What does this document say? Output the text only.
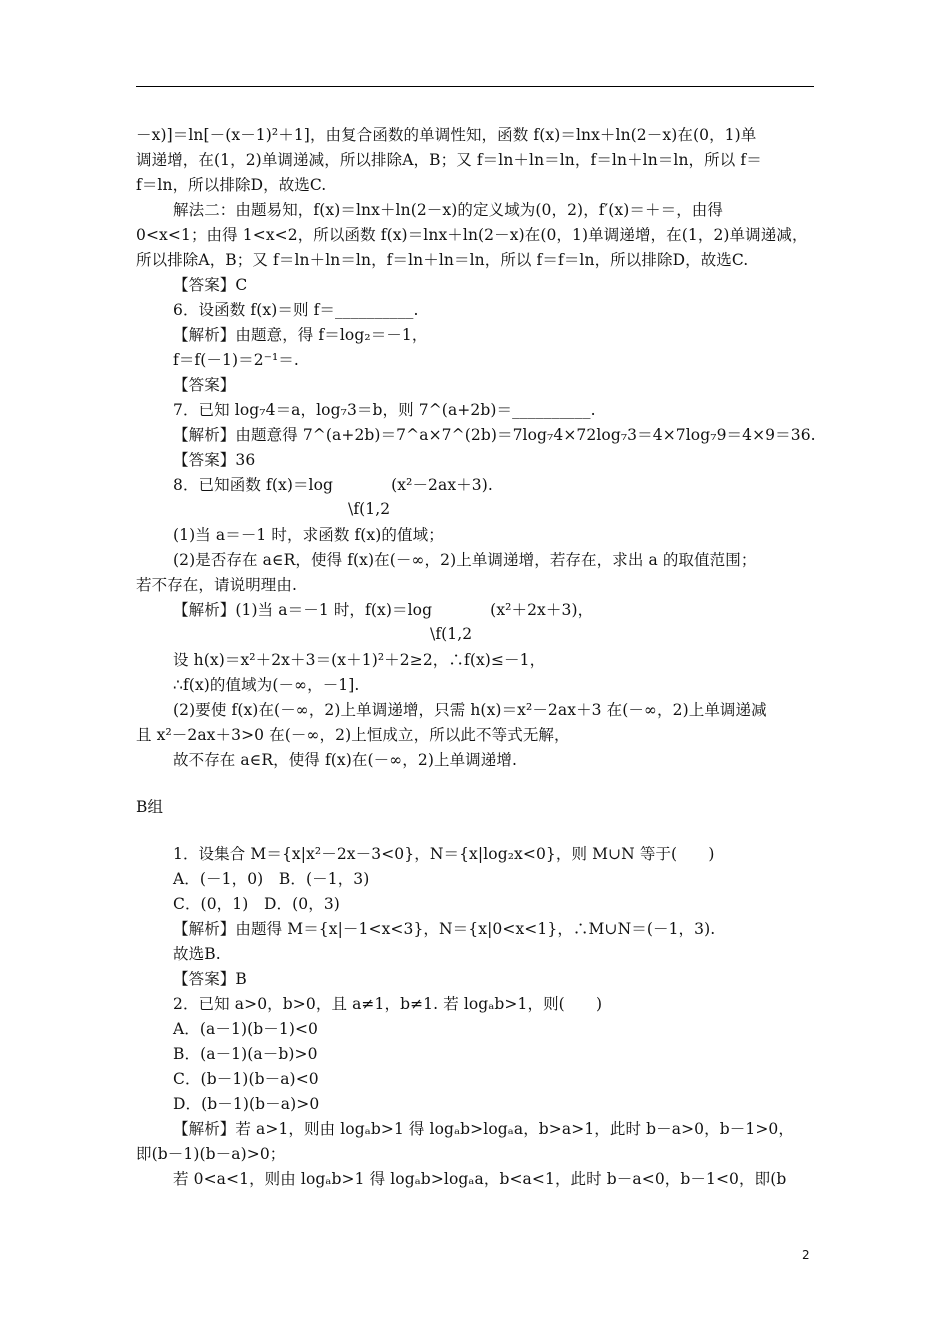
－x)]＝ln[－(x－1)²＋1]，由复合函数的单调性知，函数 f(x)＝lnx＋ln(2－x)在(0，1)单
调递增，在(1，2)单调递减，所以排除A，B；又 f＝ln＋ln＝ln，f＝ln＋ln＝ln，所以 f＝
f＝ln，所以排除D，故选C.
解法二：由题易知，f(x)＝lnx＋ln(2－x)的定义域为(0，2)，f′(x)＝＋＝，由得
0<x<1；由得 1<x<2，所以函数 f(x)＝lnx＋ln(2－x)在(0，1)单调递增，在(1，2)单调递减，
所以排除A，B；又 f＝ln＋ln＝ln，f＝ln＋ln＝ln，所以 f＝f＝ln，所以排除D，故选C.
【答案】C
6．设函数 f(x)＝则 f＝__________.
【解析】由题意，得 f＝log₂＝－1，
f＝f(－1)＝2⁻¹＝.
【答案】
7．已知 log₇4＝a，log₇3＝b，则 7^(a+2b)＝__________.
【解析】由题意得 7^(a+2b)＝7^a×7^(2b)＝7log₇4×72log₇3＝4×7log₇9＝4×9＝36.
【答案】36
8．已知函数 f(x)＝log	(x²－2ax＋3).
\f(1,2
(1)当 a＝－1 时，求函数 f(x)的值域；
(2)是否存在 a∈R，使得 f(x)在(－∞，2)上单调递增，若存在，求出 a 的取值范围；
若不存在，请说明理由.
【解析】(1)当 a＝－1 时，f(x)＝log	(x²＋2x＋3)，
\f(1,2
设 h(x)＝x²＋2x＋3＝(x＋1)²＋2≥2，∴f(x)≤－1，
∴f(x)的值域为(－∞，－1].
(2)要使 f(x)在(－∞，2)上单调递增，只需 h(x)＝x²－2ax＋3 在(－∞，2)上单调递减
且 x²－2ax＋3>0 在(－∞，2)上恒成立，所以此不等式无解，
故不存在 a∈R，使得 f(x)在(－∞，2)上单调递增.
B组
1．设集合 M＝{x|x²－2x－3<0}，N＝{x|log₂x<0}，则 M∪N 等于(　　)
A．(－1，0)　B．(－1，3)
C．(0，1)　D．(0，3)
【解析】由题得 M＝{x|－1<x<3}，N＝{x|0<x<1}，∴M∪N＝(－1，3).
故选B.
【答案】B
2．已知 a>0，b>0，且 a≠1，b≠1. 若 logₐb>1，则(　　)
A．(a－1)(b－1)<0
B．(a－1)(a－b)>0
C．(b－1)(b－a)<0
D．(b－1)(b－a)>0
【解析】若 a>1，则由 logₐb>1 得 logₐb>logₐa，b>a>1，此时 b－a>0，b－1>0，
即(b－1)(b－a)>0；
若 0<a<1，则由 logₐb>1 得 logₐb>logₐa，b<a<1，此时 b－a<0，b－1<0，即(b
2
